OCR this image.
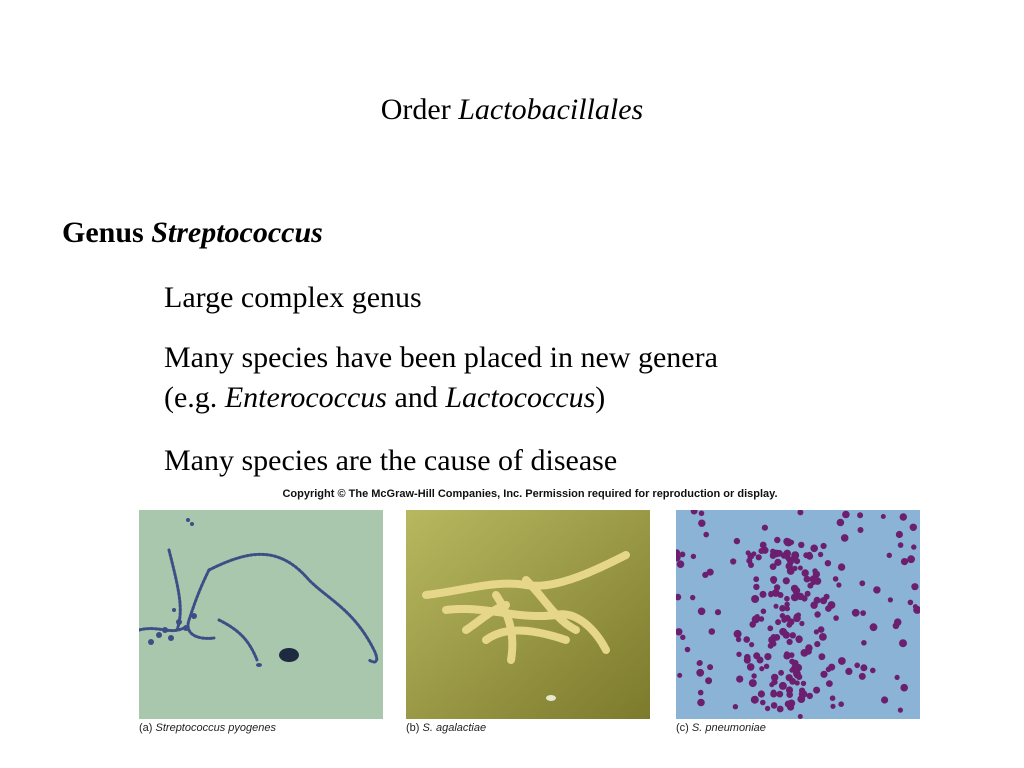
Order Lactobacillales
Genus Streptococcus
Large complex genus
Many species have been placed in new genera
(e.g. Enterococcus and Lactococcus)
Many species are the cause of disease
Copyright © The McGraw-Hill Companies, Inc. Permission required for reproduction or display.
(a) Streptococcus pyogenes	(b) S. agalactiae	(c) S. pneumoniae
